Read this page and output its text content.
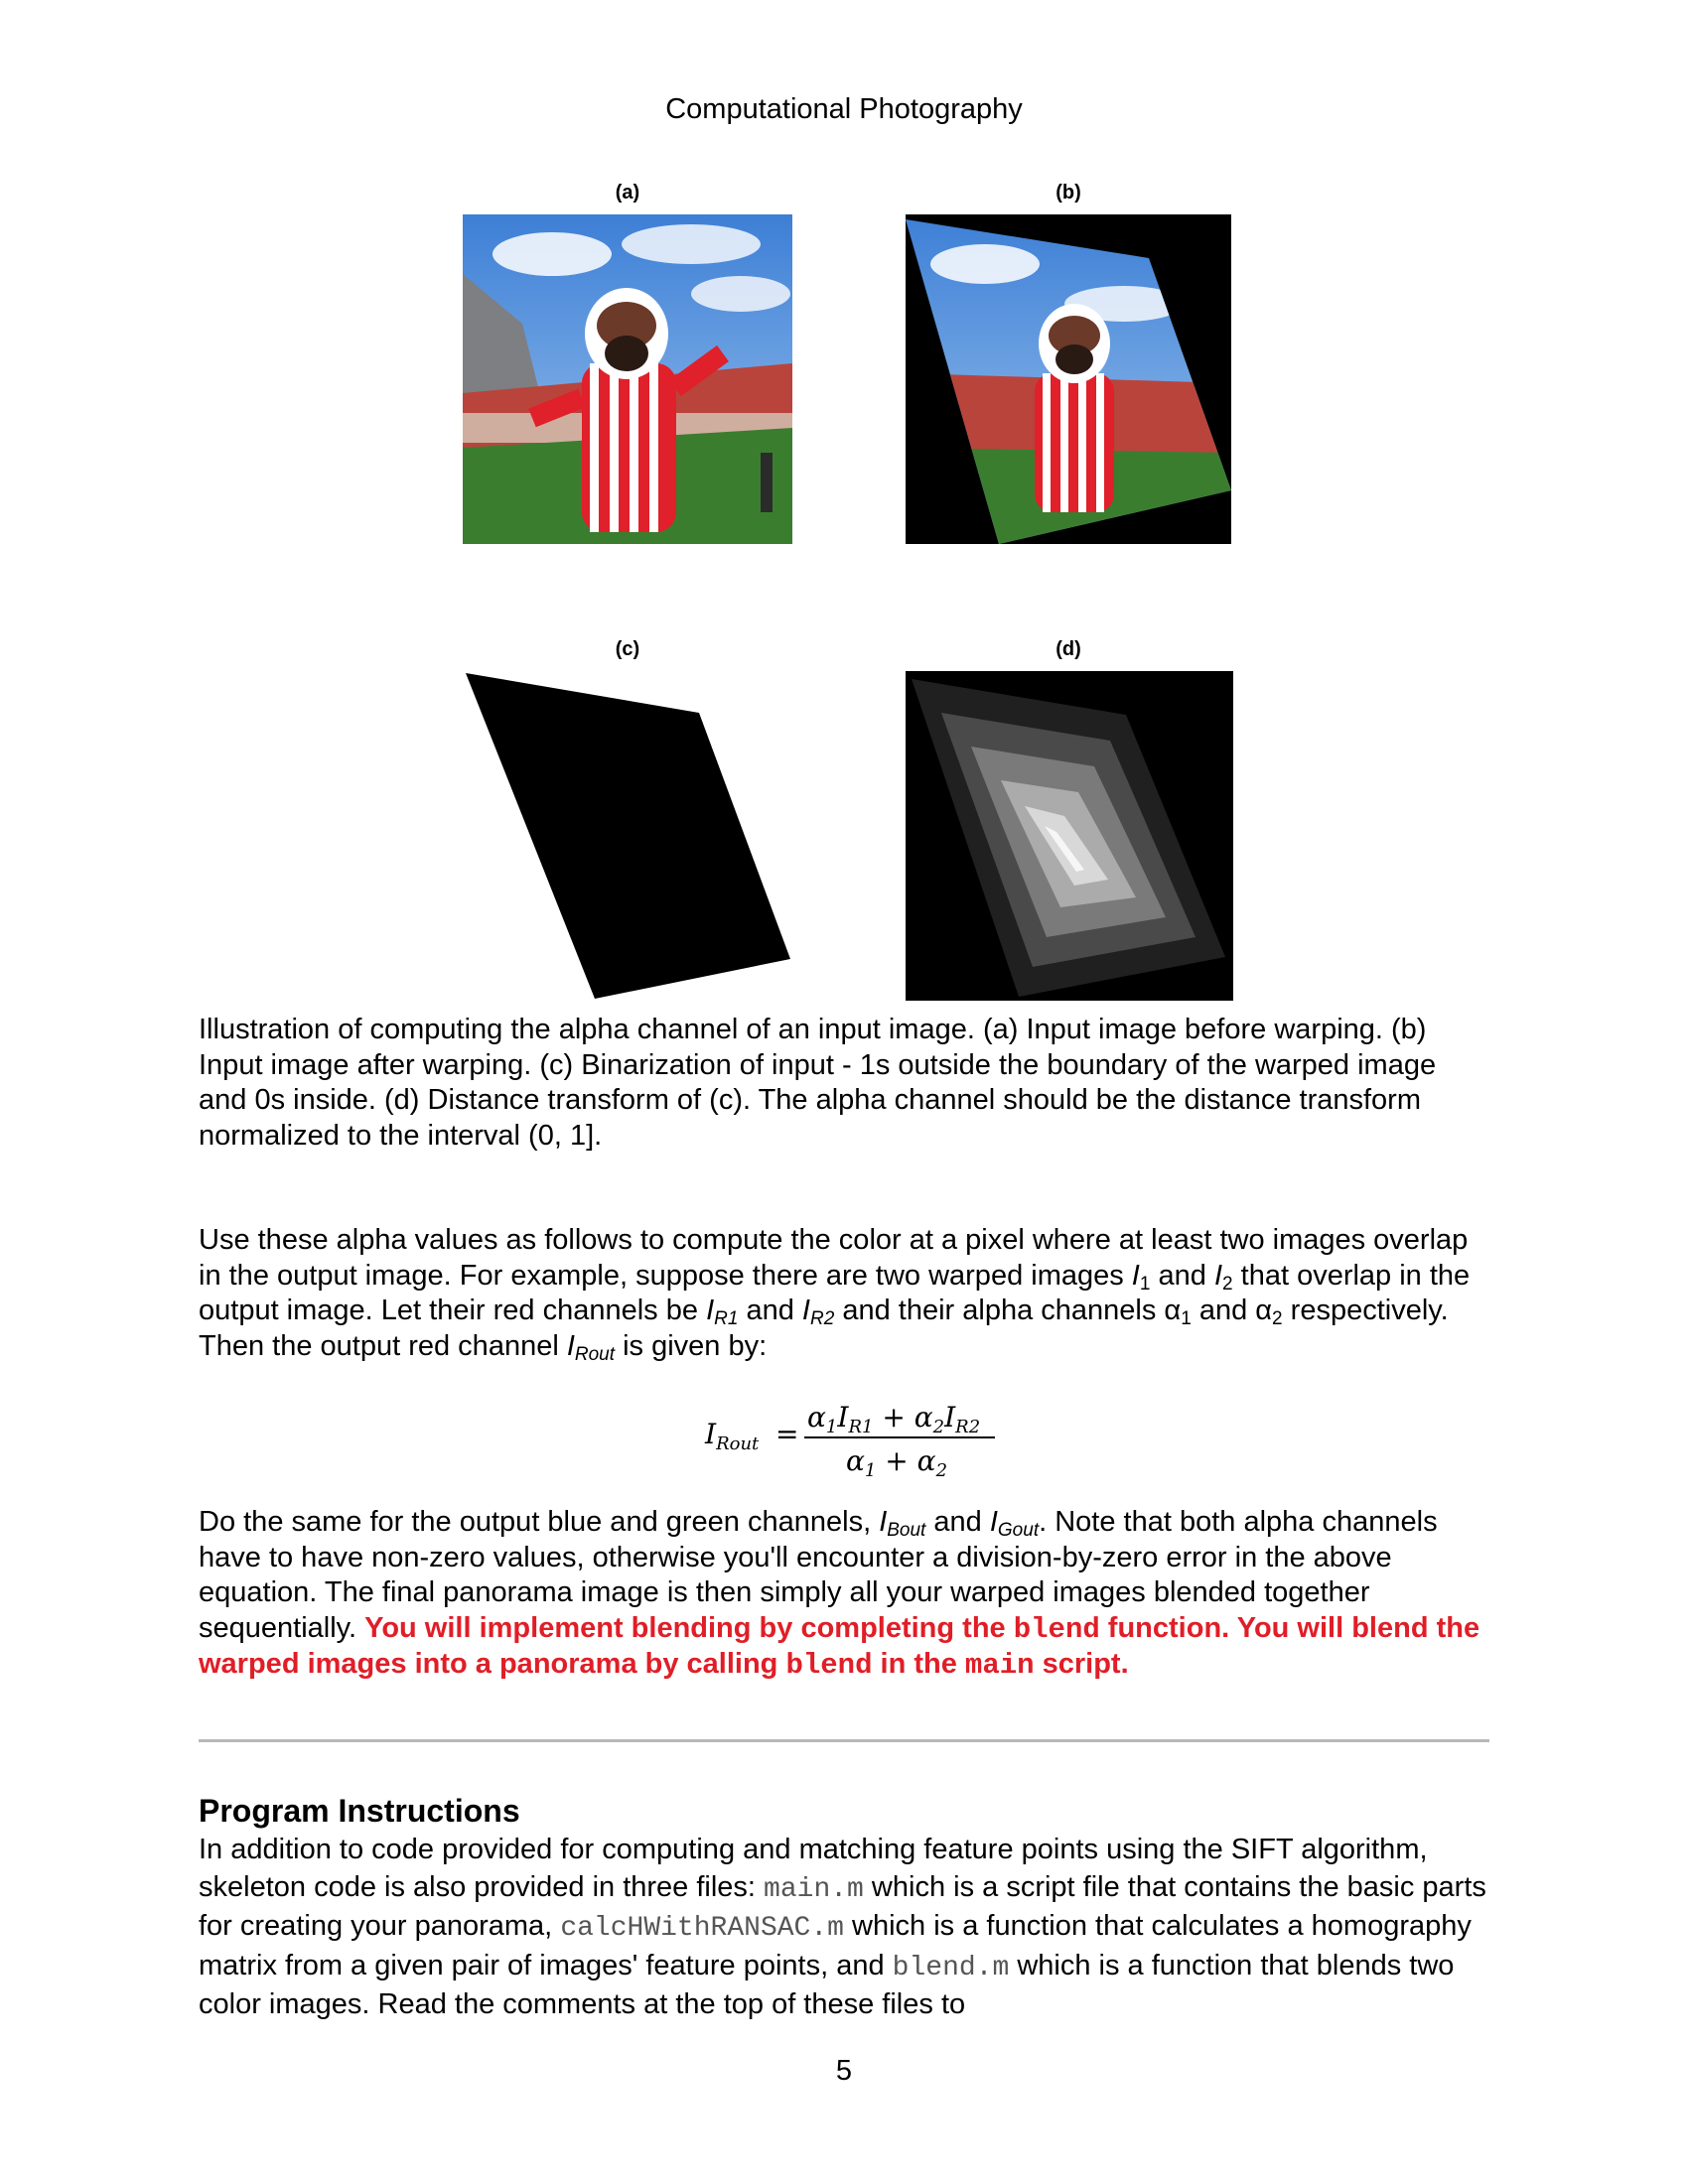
Computational Photography
(a)	(b)
(c)	(d)
Illustration of computing the alpha channel of an input image. (a) Input image before warping. (b) Input image after warping. (c) Binarization of input - 1s outside the boundary of the warped image and 0s inside. (d) Distance transform of (c). The alpha channel should be the distance transform normalized to the interval (0, 1].
Use these alpha values as follows to compute the color at a pixel where at least two images overlap in the output image. For example, suppose there are two warped images $I_1$ and $I_2$ that overlap in the output image. Let their red channels be $I_{R1}$ and $I_{R2}$ and their alpha channels $\alpha_1$ and $\alpha_2$ respectively. Then the output red channel $I_{Rout}$ is given by:
$I_{Rout}$ =
$\alpha_1I_{R1} + \alpha_2I_{R2}$
$\alpha_1 + \alpha_2$
Do the same for the output blue and green channels, $I_{Bout}$ and $I_{Gout}$. Note that both alpha channels have to have non-zero values, otherwise you'll encounter a division-by-zero error in the above equation. The final panorama image is then simply all your warped images blended together sequentially. You will implement blending by completing the blend function. You will blend the warped images into a panorama by calling blend in the main script.
Program Instructions
In addition to code provided for computing and matching feature points using the SIFT algorithm, skeleton code is also provided in three files: main.m which is a script file that contains the basic parts for creating your panorama, calcHWithRANSAC.m which is a function that calculates a homography matrix from a given pair of images' feature points, and blend.m which is a function that blends two color images. Read the comments at the top of these files to
5
